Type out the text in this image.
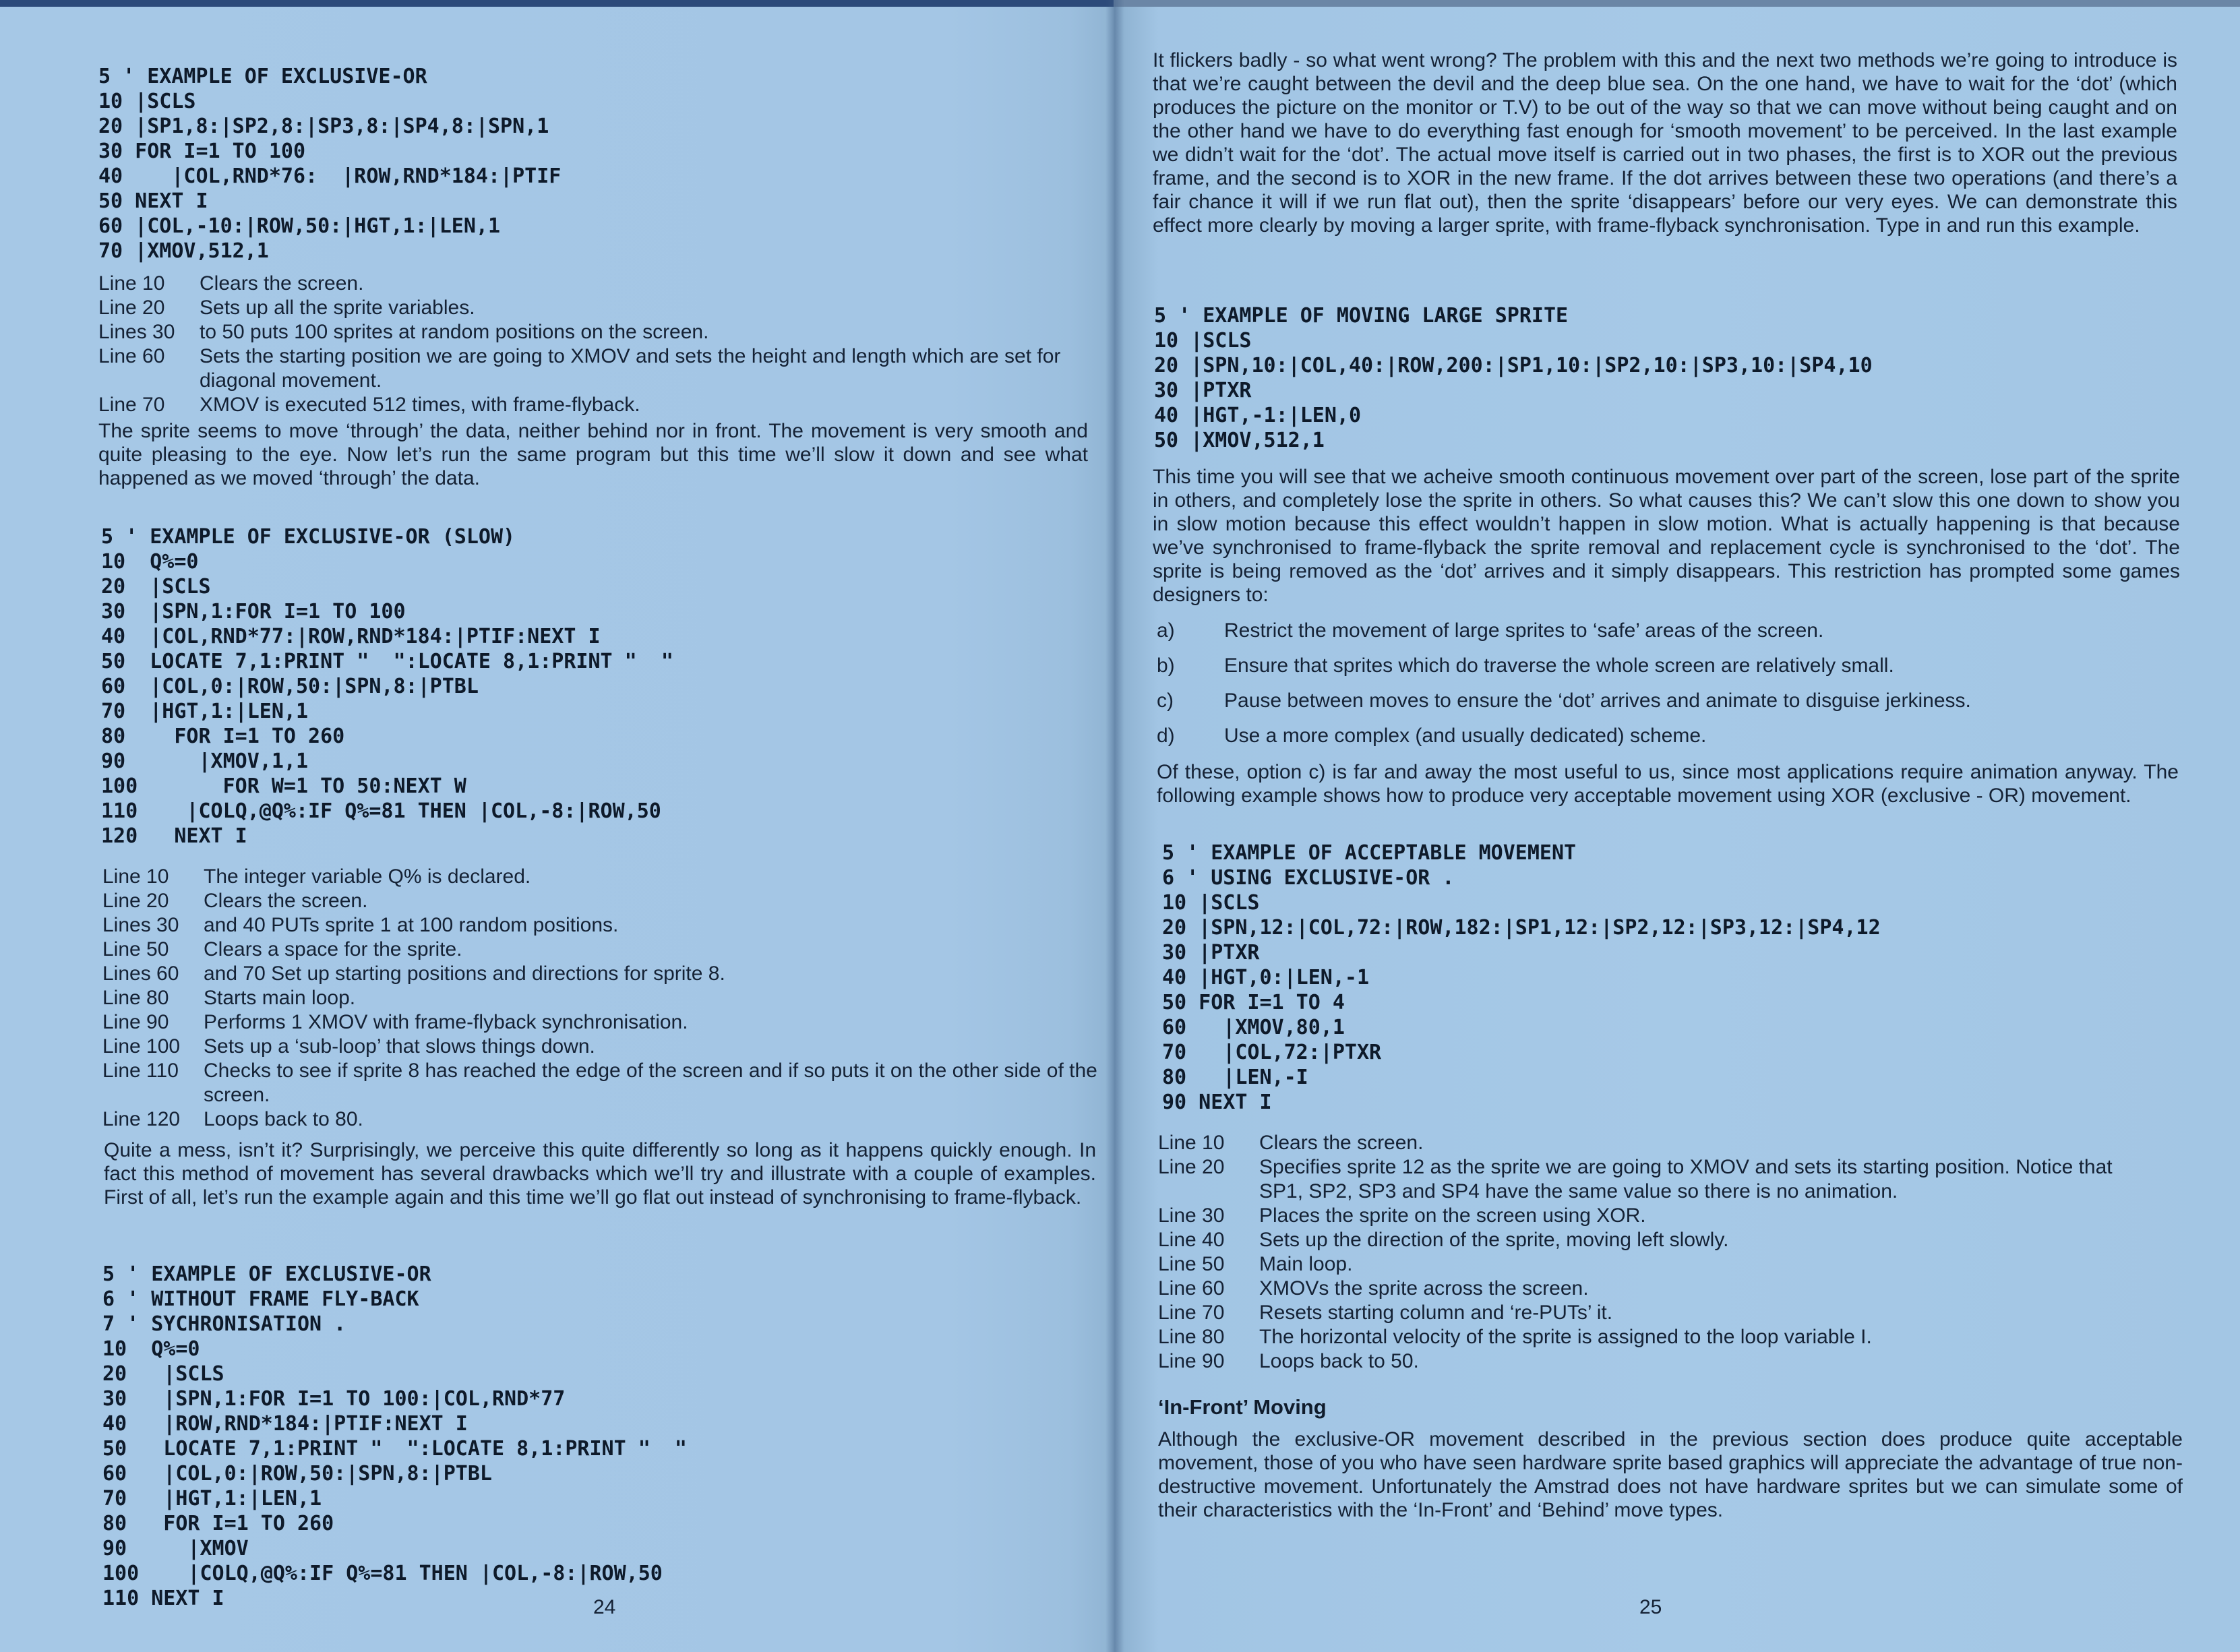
5 ' EXAMPLE OF EXCLUSIVE-OR
10 |SCLS
20 |SP1,8:|SP2,8:|SP3,8:|SP4,8:|SPN,1
30 FOR I=1 TO 100
40    |COL,RND*76:  |ROW,RND*184:|PTIF
50 NEXT I
60 |COL,-10:|ROW,50:|HGT,1:|LEN,1
70 |XMOV,512,1
Line 10	Clears the screen.
Line 20	Sets up all the sprite variables.
Lines 30	to 50 puts 100 sprites at random positions on the screen.
Line 60	Sets the starting position we are going to XMOV and sets the height and length which are set for diagonal movement.
Line 70	XMOV is executed 512 times, with frame-flyback.

The sprite seems to move ‘through’ the data, neither behind nor in front. The movement is very smooth and quite pleasing to the eye. Now let’s run the same program but this time we’ll slow it down and see what happened as we moved ‘through’ the data.

5 ' EXAMPLE OF EXCLUSIVE-OR (SLOW)
10  Q%=0
20  |SCLS
30  |SPN,1:FOR I=1 TO 100
40  |COL,RND*77:|ROW,RND*184:|PTIF:NEXT I
50  LOCATE 7,1:PRINT "  ":LOCATE 8,1:PRINT "  "
60  |COL,0:|ROW,50:|SPN,8:|PTBL
70  |HGT,1:|LEN,1
80    FOR I=1 TO 260
90      |XMOV,1,1
100       FOR W=1 TO 50:NEXT W
110    |COLQ,@Q%:IF Q%=81 THEN |COL,-8:|ROW,50
120   NEXT I
Line 10	The integer variable Q% is declared.
Line 20	Clears the screen.
Lines 30	and 40 PUTs sprite 1 at 100 random positions.
Line 50	Clears a space for the sprite.
Lines 60	and 70 Set up starting positions and directions for sprite 8.
Line 80	Starts main loop.
Line 90	Performs 1 XMOV with frame-flyback synchronisation.
Line 100	Sets up a ‘sub-loop’ that slows things down.
Line 110	Checks to see if sprite 8 has reached the edge of the screen and if so puts it on the other side of the screen.
Line 120	Loops back to 80.

Quite a mess, isn’t it? Surprisingly, we perceive this quite differently so long as it happens quickly enough. In fact this method of movement has several drawbacks which we’ll try and illustrate with a couple of examples. First of all, let’s run the example again and this time we’ll go flat out instead of synchronising to frame-flyback.

5 ' EXAMPLE OF EXCLUSIVE-OR
6 ' WITHOUT FRAME FLY-BACK
7 ' SYCHRONISATION .
10  Q%=0
20   |SCLS
30   |SPN,1:FOR I=1 TO 100:|COL,RND*77
40   |ROW,RND*184:|PTIF:NEXT I
50   LOCATE 7,1:PRINT "  ":LOCATE 8,1:PRINT "  "
60   |COL,0:|ROW,50:|SPN,8:|PTBL
70   |HGT,1:|LEN,1
80   FOR I=1 TO 260
90     |XMOV
100    |COLQ,@Q%:IF Q%=81 THEN |COL,-8:|ROW,50
110 NEXT I	24

It flickers badly - so what went wrong? The problem with this and the next two methods we’re going to introduce is that we’re caught between the devil and the deep blue sea. On the one hand, we have to wait for the ‘dot’ (which produces the picture on the monitor or T.V) to be out of the way so that we can move without being caught and on the other hand we have to do everything fast enough for ‘smooth movement’ to be perceived. In the last example we didn’t wait for the ‘dot’. The actual move itself is carried out in two phases, the first is to XOR out the previous frame, and the second is to XOR in the new frame. If the dot arrives between these two operations (and there’s a fair chance it will if we run flat out), then the sprite ‘disappears’ before our very eyes. We can demonstrate this effect more clearly by moving a larger sprite, with frame-flyback synchronisation. Type in and run this example.

5 ' EXAMPLE OF MOVING LARGE SPRITE
10 |SCLS
20 |SPN,10:|COL,40:|ROW,200:|SP1,10:|SP2,10:|SP3,10:|SP4,10
30 |PTXR
40 |HGT,-1:|LEN,0
50 |XMOV,512,1

This time you will see that we acheive smooth continuous movement over part of the screen, lose part of the sprite in others, and completely lose the sprite in others. So what causes this? We can’t slow this one down to show you in slow motion because this effect wouldn’t happen in slow motion. What is actually happening is that because we’ve synchronised to frame-flyback the sprite removal and replacement cycle is synchronised to the ‘dot’. The sprite is being removed as the ‘dot’ arrives and it simply disappears. This restriction has prompted some games designers to:

a)	Restrict the movement of large sprites to ‘safe’ areas of the screen.
b)	Ensure that sprites which do traverse the whole screen are relatively small.
c)	Pause between moves to ensure the ‘dot’ arrives and animate to disguise jerkiness.
d)	Use a more complex (and usually dedicated) scheme.

Of these, option c) is far and away the most useful to us, since most applications require animation anyway. The following example shows how to produce very acceptable movement using XOR (exclusive - OR) movement.

5 ' EXAMPLE OF ACCEPTABLE MOVEMENT
6 ' USING EXCLUSIVE-OR .
10 |SCLS
20 |SPN,12:|COL,72:|ROW,182:|SP1,12:|SP2,12:|SP3,12:|SP4,12
30 |PTXR
40 |HGT,0:|LEN,-1
50 FOR I=1 TO 4
60   |XMOV,80,1
70   |COL,72:|PTXR
80   |LEN,-I
90 NEXT I
Line 10	Clears the screen.
Line 20	Specifies sprite 12 as the sprite we are going to XMOV and sets its starting position. Notice that SP1, SP2, SP3 and SP4 have the same value so there is no animation.
Line 30	Places the sprite on the screen using XOR.
Line 40	Sets up the direction of the sprite, moving left slowly.
Line 50	Main loop.
Line 60	XMOVs the sprite across the screen.
Line 70	Resets starting column and ‘re-PUTs’ it.
Line 80	The horizontal velocity of the sprite is assigned to the loop variable I.
Line 90	Loops back to 50.

‘In-Front’ Moving

Although the exclusive-OR movement described in the previous section does produce quite acceptable movement, those of you who have seen hardware sprite based graphics will appreciate the advantage of true non-destructive movement. Unfortunately the Amstrad does not have hardware sprites but we can simulate some of their characteristics with the ‘In-Front’ and ‘Behind’ move types.

25
